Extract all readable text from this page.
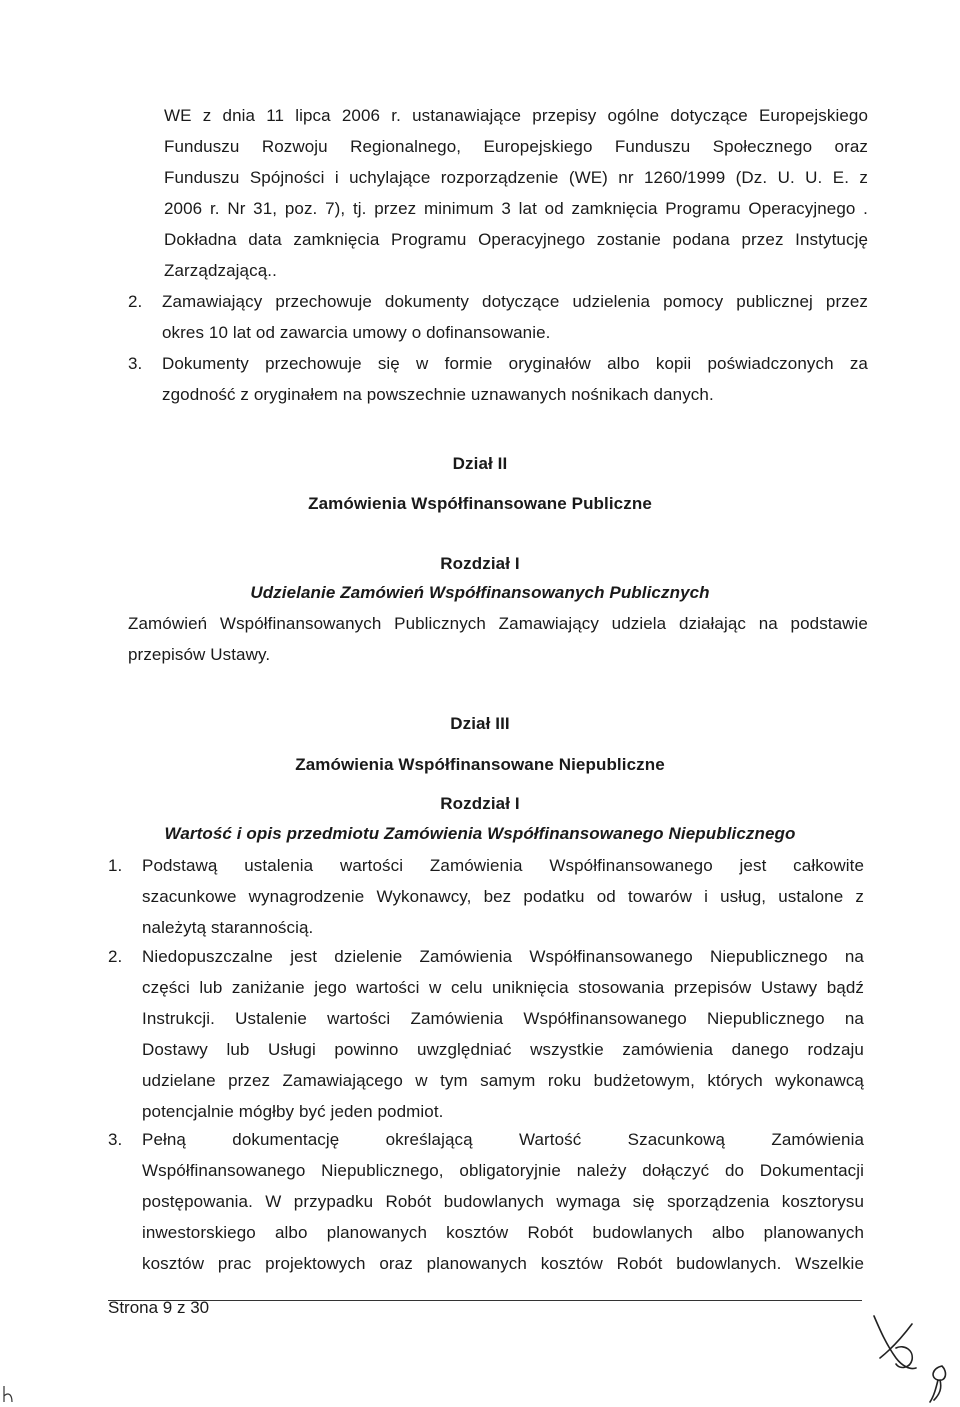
WE z dnia 11 lipca 2006 r. ustanawiające przepisy ogólne dotyczące Europejskiego
Funduszu Rozwoju Regionalnego, Europejskiego Funduszu Społecznego oraz
Funduszu Spójności i uchylające rozporządzenie (WE) nr 1260/1999 (Dz. U. U. E. z
2006 r. Nr 31, poz. 7), tj. przez minimum 3 lat od zamknięcia Programu Operacyjnego .
Dokładna data zamknięcia Programu Operacyjnego zostanie podana przez Instytucję
Zarządzającą..
2.	Zamawiający przechowuje dokumenty dotyczące udzielenia pomocy publicznej przez
okres 10 lat od zawarcia umowy o dofinansowanie.
3.	Dokumenty przechowuje się w formie oryginałów albo kopii poświadczonych za
zgodność z oryginałem na powszechnie uznawanych nośnikach danych.
Dział II
Zamówienia Współfinansowane Publiczne
Rozdział I
Udzielanie Zamówień Współfinansowanych Publicznych
Zamówień Współfinansowanych Publicznych Zamawiający udziela działając na podstawie
przepisów Ustawy.
Dział III
Zamówienia Współfinansowane Niepubliczne
Rozdział I
Wartość i opis przedmiotu Zamówienia Współfinansowanego Niepublicznego
1. Podstawą ustalenia wartości Zamówienia Współfinansowanego jest całkowite
szacunkowe wynagrodzenie Wykonawcy, bez podatku od towarów i usług, ustalone z
należytą starannością.
2. Niedopuszczalne jest dzielenie Zamówienia Współfinansowanego Niepublicznego na
części lub zaniżanie jego wartości w celu uniknięcia stosowania przepisów Ustawy bądź
Instrukcji. Ustalenie wartości Zamówienia Współfinansowanego Niepublicznego na
Dostawy lub Usługi powinno uwzględniać wszystkie zamówienia danego rodzaju
udzielane przez Zamawiającego w tym samym roku budżetowym, których wykonawcą
potencjalnie mógłby być jeden podmiot.
3. Pełną dokumentację określającą Wartość Szacunkową Zamówienia
Współfinansowanego Niepublicznego, obligatoryjnie należy dołączyć do Dokumentacji
postępowania. W przypadku Robót budowlanych wymaga się sporządzenia kosztorysu
inwestorskiego albo planowanych kosztów Robót budowlanych albo planowanych
kosztów prac projektowych oraz planowanych kosztów Robót budowlanych. Wszelkie
Strona 9 z 30
